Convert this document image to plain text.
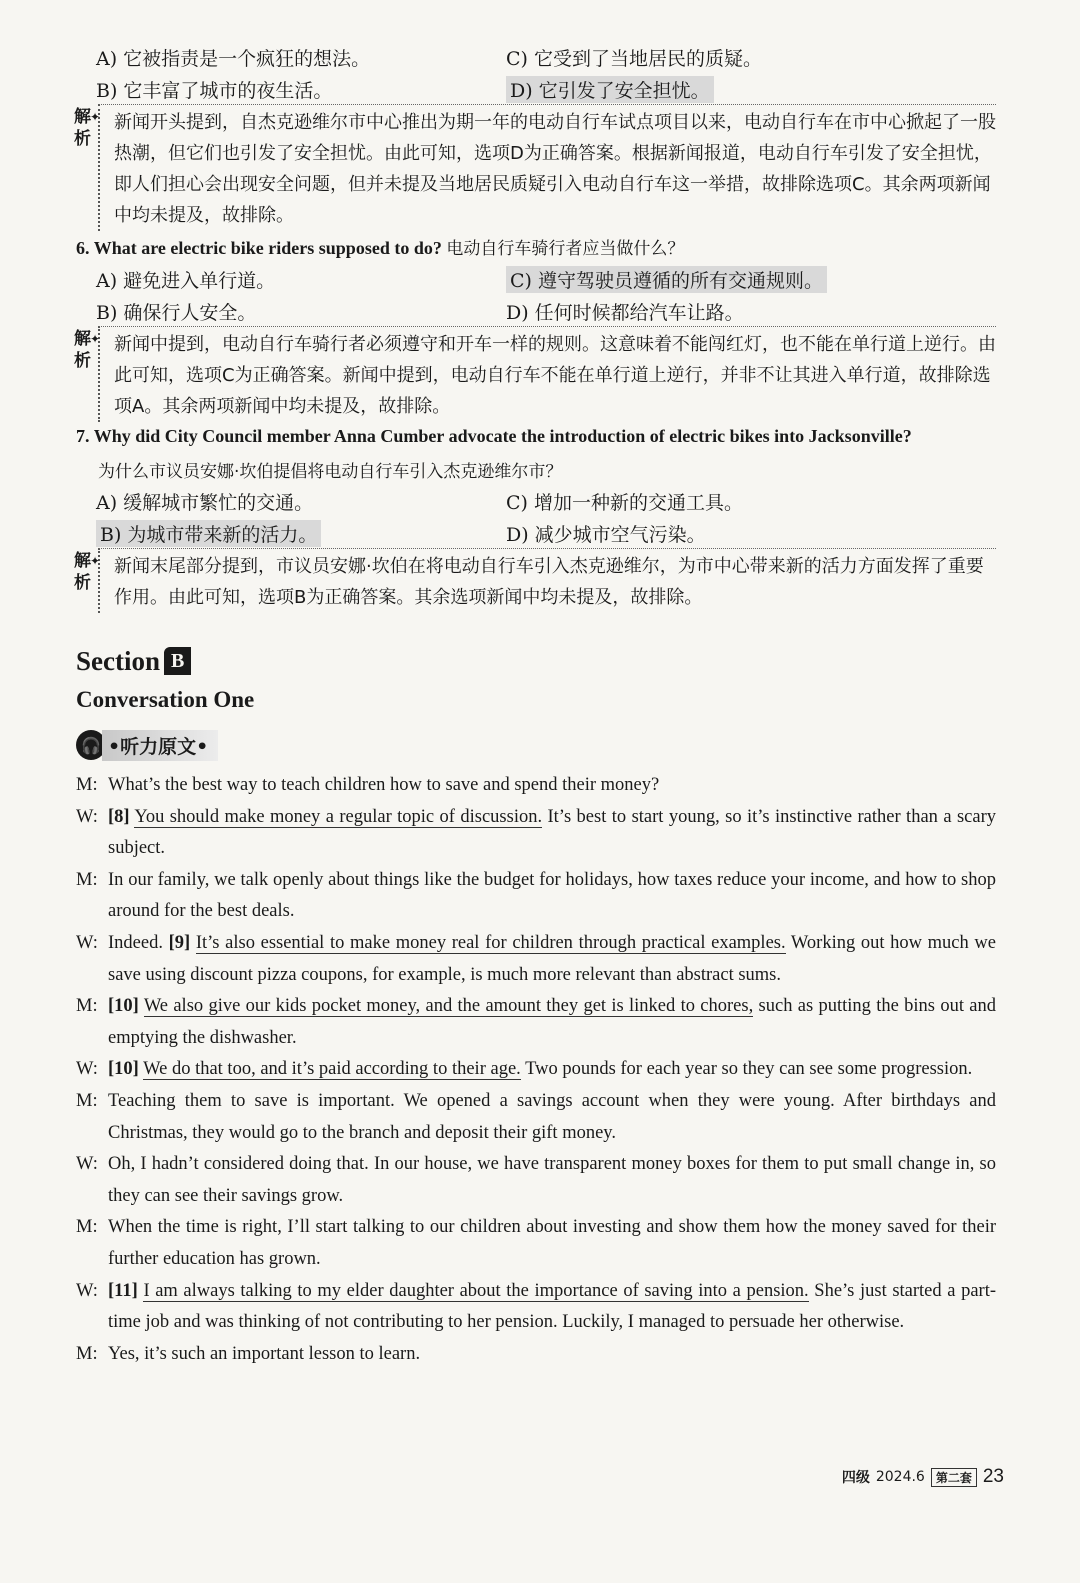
A) 它被指责是一个疯狂的想法。	C) 它受到了当地居民的质疑。
B) 它丰富了城市的夜生活。	D) 它引发了安全担忧。
解析
✦ 新闻开头提到，自杰克逊维尔市中心推出为期一年的电动自行车试点项目以来，电动自行车在市中心掀起了一股热潮，但它们也引发了安全担忧。由此可知，选项D为正确答案。根据新闻报道，电动自行车引发了安全担忧，即人们担心会出现安全问题，但并未提及当地居民质疑引入电动自行车这一举措，故排除选项C。其余两项新闻中均未提及，故排除。
6. What are electric bike riders supposed to do? 电动自行车骑行者应当做什么？
A) 避免进入单行道。	C) 遵守驾驶员遵循的所有交通规则。
B) 确保行人安全。	D) 任何时候都给汽车让路。
解析
✦ 新闻中提到，电动自行车骑行者必须遵守和开车一样的规则。这意味着不能闯红灯，也不能在单行道上逆行。由此可知，选项C为正确答案。新闻中提到，电动自行车不能在单行道上逆行，并非不让其进入单行道，故排除选项A。其余两项新闻中均未提及，故排除。
7. Why did City Council member Anna Cumber advocate the introduction of electric bikes into Jacksonville?
为什么市议员安娜·坎伯提倡将电动自行车引入杰克逊维尔市？
A) 缓解城市繁忙的交通。	C) 增加一种新的交通工具。
B) 为城市带来新的活力。	D) 减少城市空气污染。
解析
✦ 新闻末尾部分提到，市议员安娜·坎伯在将电动自行车引入杰克逊维尔，为市中心带来新的活力方面发挥了重要作用。由此可知，选项B为正确答案。其余选项新闻中均未提及，故排除。
Section B
Conversation One
🎧 •听力原文•
M: What’s the best way to teach children how to save and spend their money?
W: [8] You should make money a regular topic of discussion. It’s best to start young, so it’s instinctive rather than a scary subject.
M: In our family, we talk openly about things like the budget for holidays, how taxes reduce your income, and how to shop around for the best deals.
W: Indeed. [9] It’s also essential to make money real for children through practical examples. Working out how much we save using discount pizza coupons, for example, is much more relevant than abstract sums.
M: [10] We also give our kids pocket money, and the amount they get is linked to chores, such as putting the bins out and emptying the dishwasher.
W: [10] We do that too, and it’s paid according to their age. Two pounds for each year so they can see some progression.
M: Teaching them to save is important. We opened a savings account when they were young. After birthdays and Christmas, they would go to the branch and deposit their gift money.
W: Oh, I hadn’t considered doing that. In our house, we have transparent money boxes for them to put small change in, so they can see their savings grow.
M: When the time is right, I’ll start talking to our children about investing and show them how the money saved for their further education has grown.
W: [11] I am always talking to my elder daughter about the importance of saving into a pension. She’s just started a part-time job and was thinking of not contributing to her pension. Luckily, I managed to persuade her otherwise.
M: Yes, it’s such an important lesson to learn.
四级 2024.6 第二套 23
